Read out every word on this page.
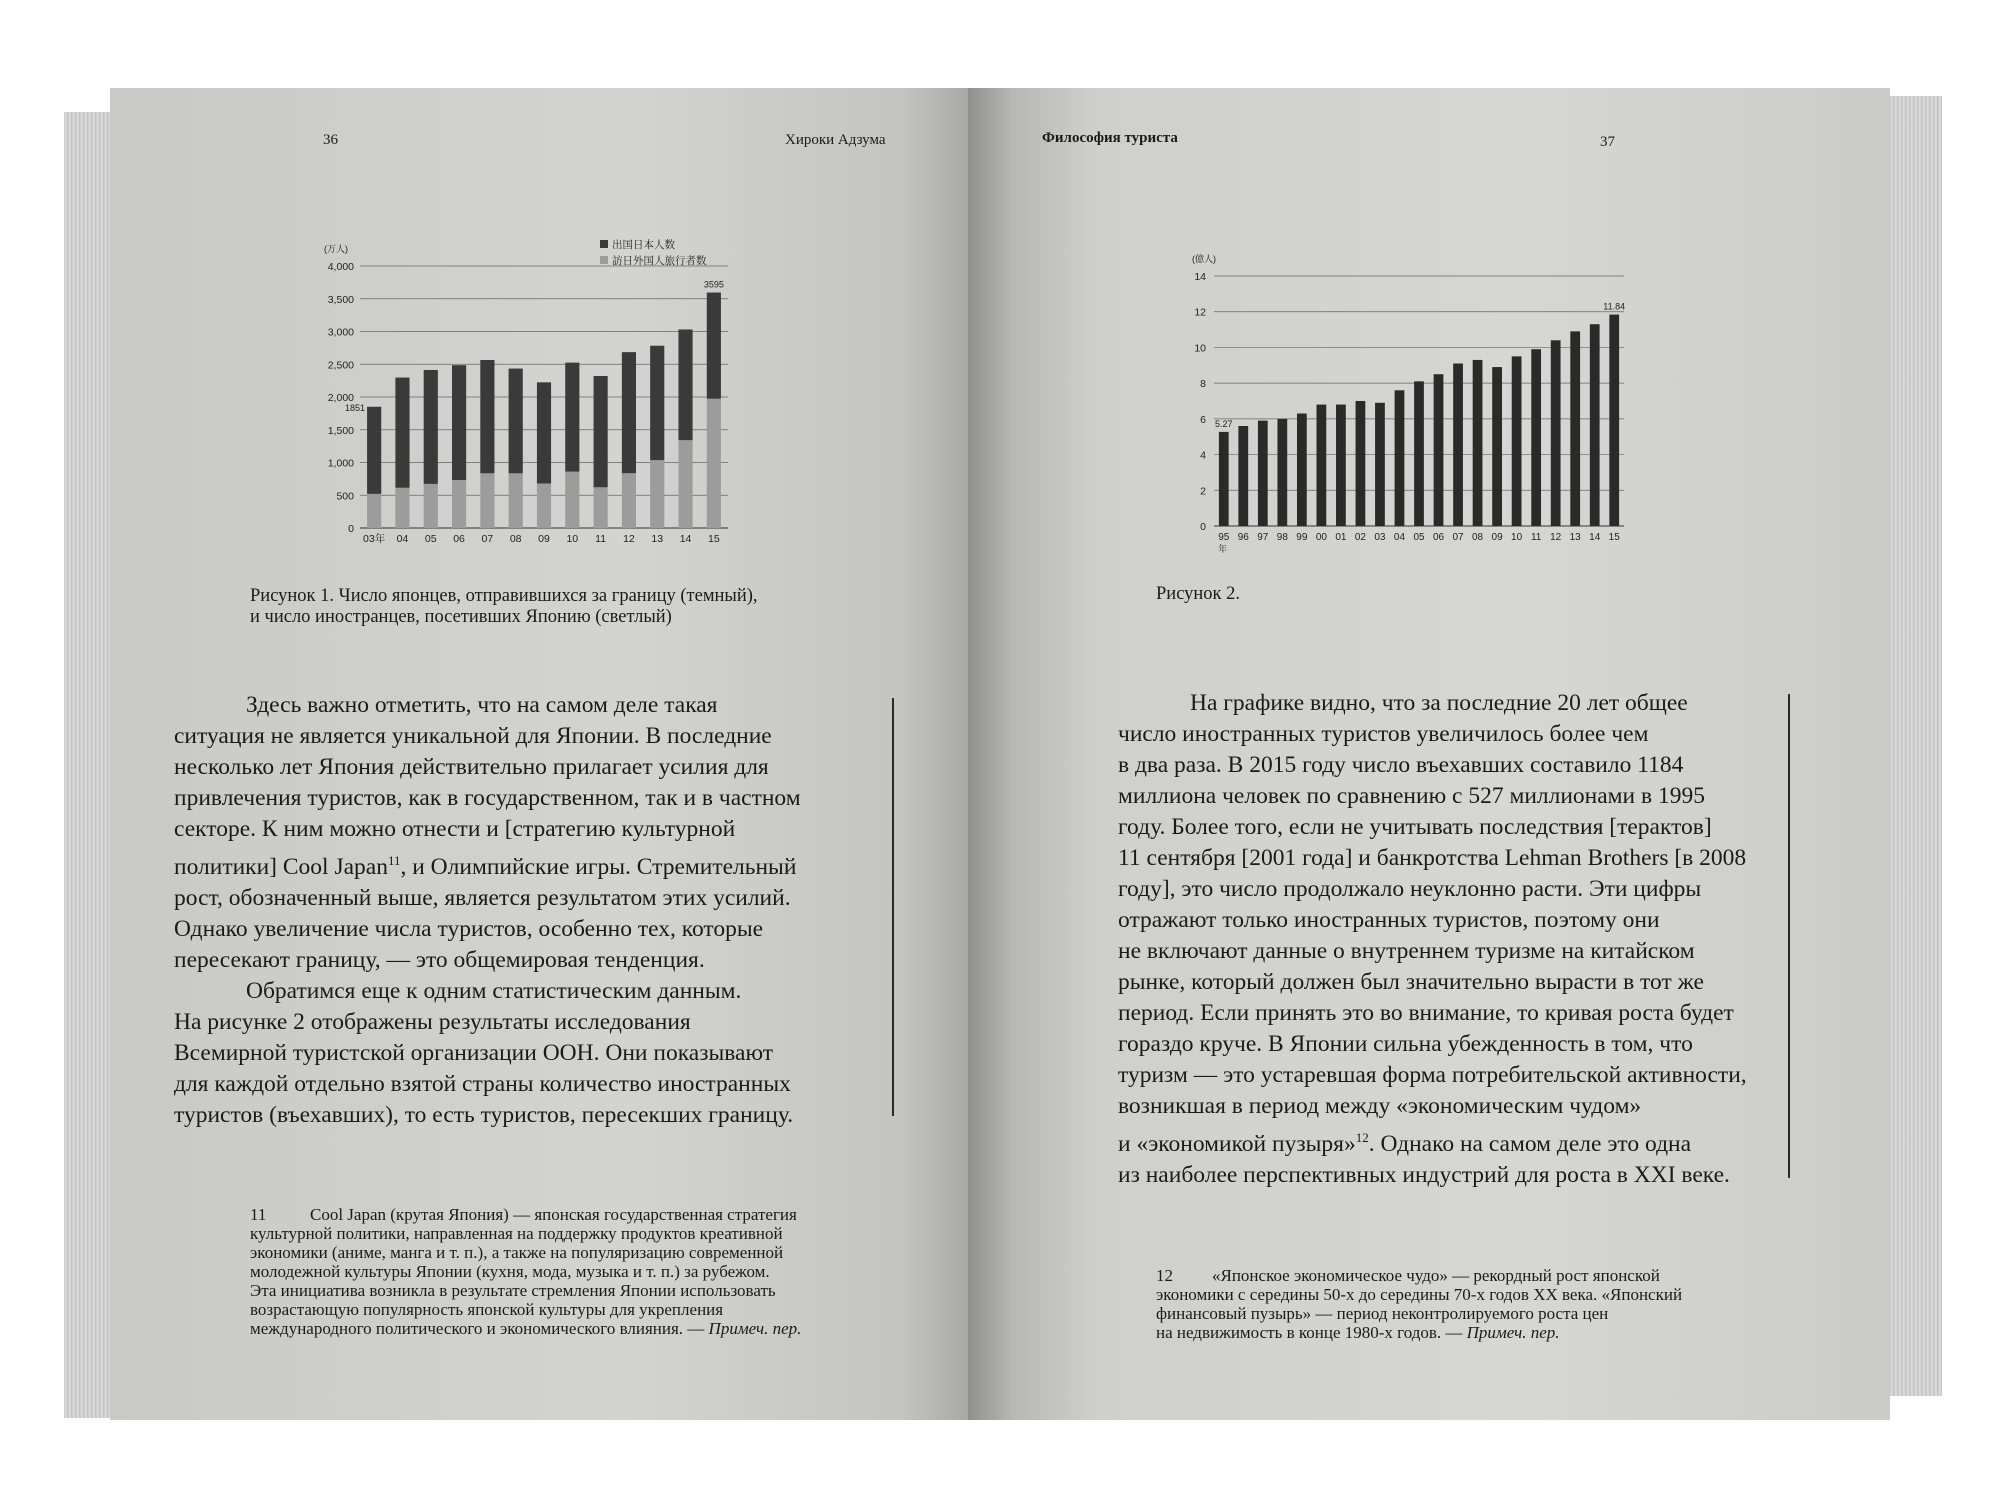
36	Хироки Адзума
0
500
1,000
1,500
2,000
2,500
3,000
3,500
4,000
03年 04 05 06 07 08 09 10 11 12 13 14 15
1851
3595
(万人)	出国日本人数
訪日外国人旅行者数
Рисунок 1. Число японцев, отправившихся за границу (темный),
и число иностранцев, посетивших Японию (светлый)

Здесь важно отметить, что на самом деле такая

ситуация не является уникальной для Японии. В последние

несколько лет Япония действительно прилагает усилия для

привлечения туристов, как в государственном, так и в частном

секторе. К ним можно отнести и [стратегию культурной

политики] Cool Japan$^{11}$, и Олимпийские игры. Стремительный

рост, обозначенный выше, является результатом этих усилий.

Однако увеличение числа туристов, особенно тех, которые

пересекают границу, — это общемировая тенденция.

Обратимся еще к одним статистическим данным.

На рисунке 2 отображены результаты исследования

Всемирной туристской организации ООН. Они показывают

для каждой отдельно взятой страны количество иностранных

туристов (въехавших), то есть туристов, пересекших границу.

11	Cool Japan (крутая Япония) — японская государственная стратегия

культурной политики, направленная на поддержку продуктов креативной

экономики (аниме, манга и т. п.), а также на популяризацию современной

молодежной культуры Японии (кухня, мода, музыка и т. п.) за рубежом.

Эта инициатива возникла в результате стремления Японии использовать

возрастающую популярность японской культуры для укрепления

международного политического и экономического влияния. — Примеч. пер.

Философия туриста	37
0
2
4
6
8
10
12
14
95 96 97 98 99 00 01 02 03 04 05 06 07 08 09 10 11 12 13 14 15
5.27
11.84
(億人)
年
Рисунок 2.

На графике видно, что за последние 20 лет общее

число иностранных туристов увеличилось более чем

в два раза. В 2015 году число въехавших составило 1184

миллиона человек по сравнению с 527 миллионами в 1995

году. Более того, если не учитывать последствия [терактов]

11 сентября [2001 года] и банкротства Lehman Brothers [в 2008

году], это число продолжало неуклонно расти. Эти цифры

отражают только иностранных туристов, поэтому они

не включают данные о внутреннем туризме на китайском

рынке, который должен был значительно вырасти в тот же

период. Если принять это во внимание, то кривая роста будет

гораздо круче. В Японии сильна убежденность в том, что

туризм — это устаревшая форма потребительской активности,

возникшая в период между «экономическим чудом»

и «экономикой пузыря»$^{12}$. Однако на самом деле это одна

из наиболее перспективных индустрий для роста в XXI веке.

12 «Японское экономическое чудо» — рекордный рост японской

экономики с середины 50-х до середины 70-х годов XX века. «Японский

финансовый пузырь» — период неконтролируемого роста цен

на недвижимость в конце 1980-х годов. — Примеч. пер.
